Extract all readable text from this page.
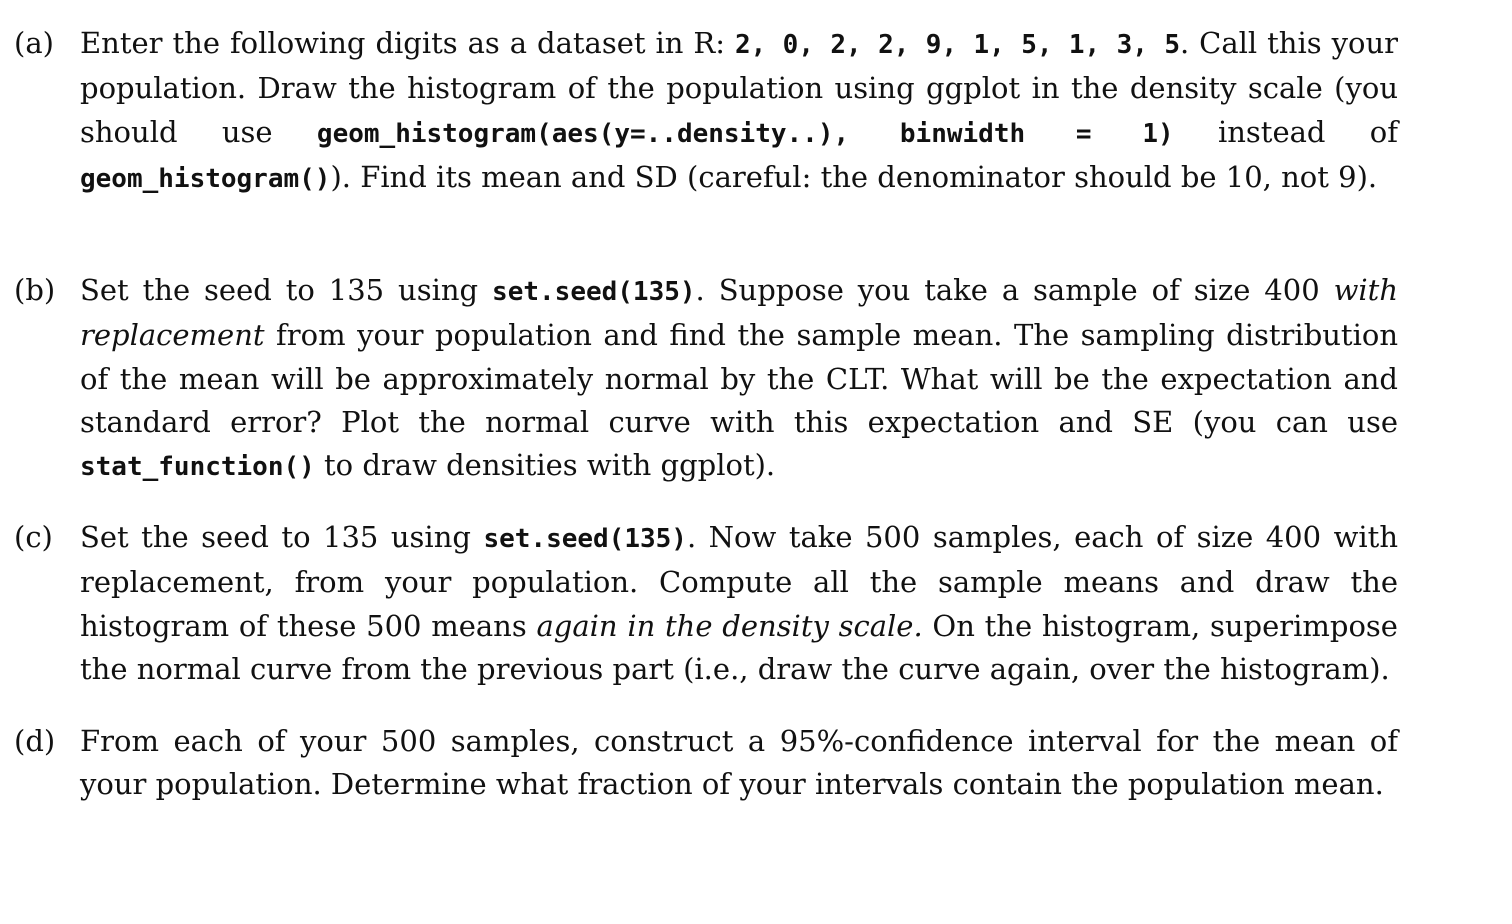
(a) Enter the following digits as a dataset in R: 2, 0, 2, 2, 9, 1, 5, 1, 3, 5. Call this your population. Draw the histogram of the population using ggplot in the density scale (you should use geom_histogram(aes(y=..density..), binwidth = 1) instead of geom_histogram()). Find its mean and SD (careful: the denominator should be 10, not 9).
(b) Set the seed to 135 using set.seed(135). Suppose you take a sample of size 400 with replacement from your population and find the sample mean. The sampling distribution of the mean will be approximately normal by the CLT. What will be the expectation and standard error? Plot the normal curve with this expectation and SE (you can use stat_function() to draw densities with ggplot).
(c) Set the seed to 135 using set.seed(135). Now take 500 samples, each of size 400 with replacement, from your population. Compute all the sample means and draw the histogram of these 500 means again in the density scale. On the histogram, superimpose the normal curve from the previous part (i.e., draw the curve again, over the histogram).
(d) From each of your 500 samples, construct a 95%-confidence interval for the mean of your population. Determine what fraction of your intervals contain the population mean.
